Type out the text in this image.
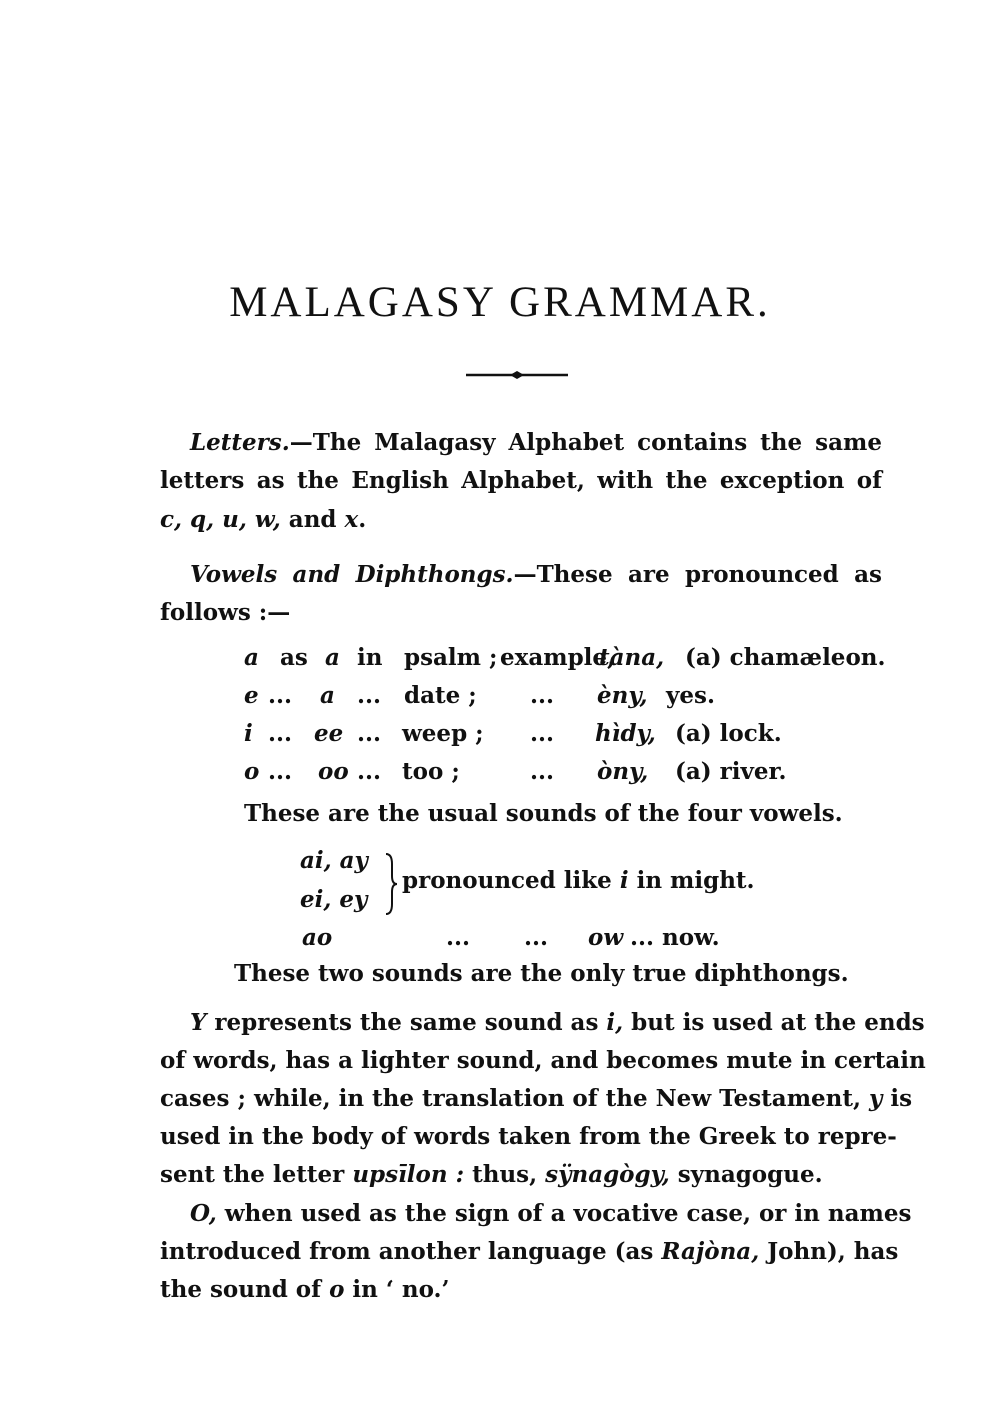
MALAGASY GRAMMAR.
Letters.—The Malagasy Alphabet contains the same
letters as the English Alphabet, with the exception of
c, q, u, w, and x.
Vowels and Diphthongs.—These are pronounced as
follows :—
a as a in psalm ; example,
tàna, (a) chamæleon.
e ... a ... date ; ... èny, yes.
i ... ee ... weep ; ... hìdy, (a) lock.
o ... oo ... too ;	... òny, (a) river.
These are the usual sounds of the four vowels.
ai, ay
ei, ey
pronounced like i in might.
ao	... ... ow ... now.
These two sounds are the only true diphthongs.
Y represents the same sound as i, but is used at the ends
of words, has a lighter sound, and becomes mute in certain
cases ; while, in the translation of the New Testament, y is
used in the body of words taken from the Greek to repre-
sent the letter upsīlon : thus, sÿnagògy, synagogue.
O, when used as the sign of a vocative case, or in names
introduced from another language (as Rajòna, John), has
the sound of o in ‘ no.’
